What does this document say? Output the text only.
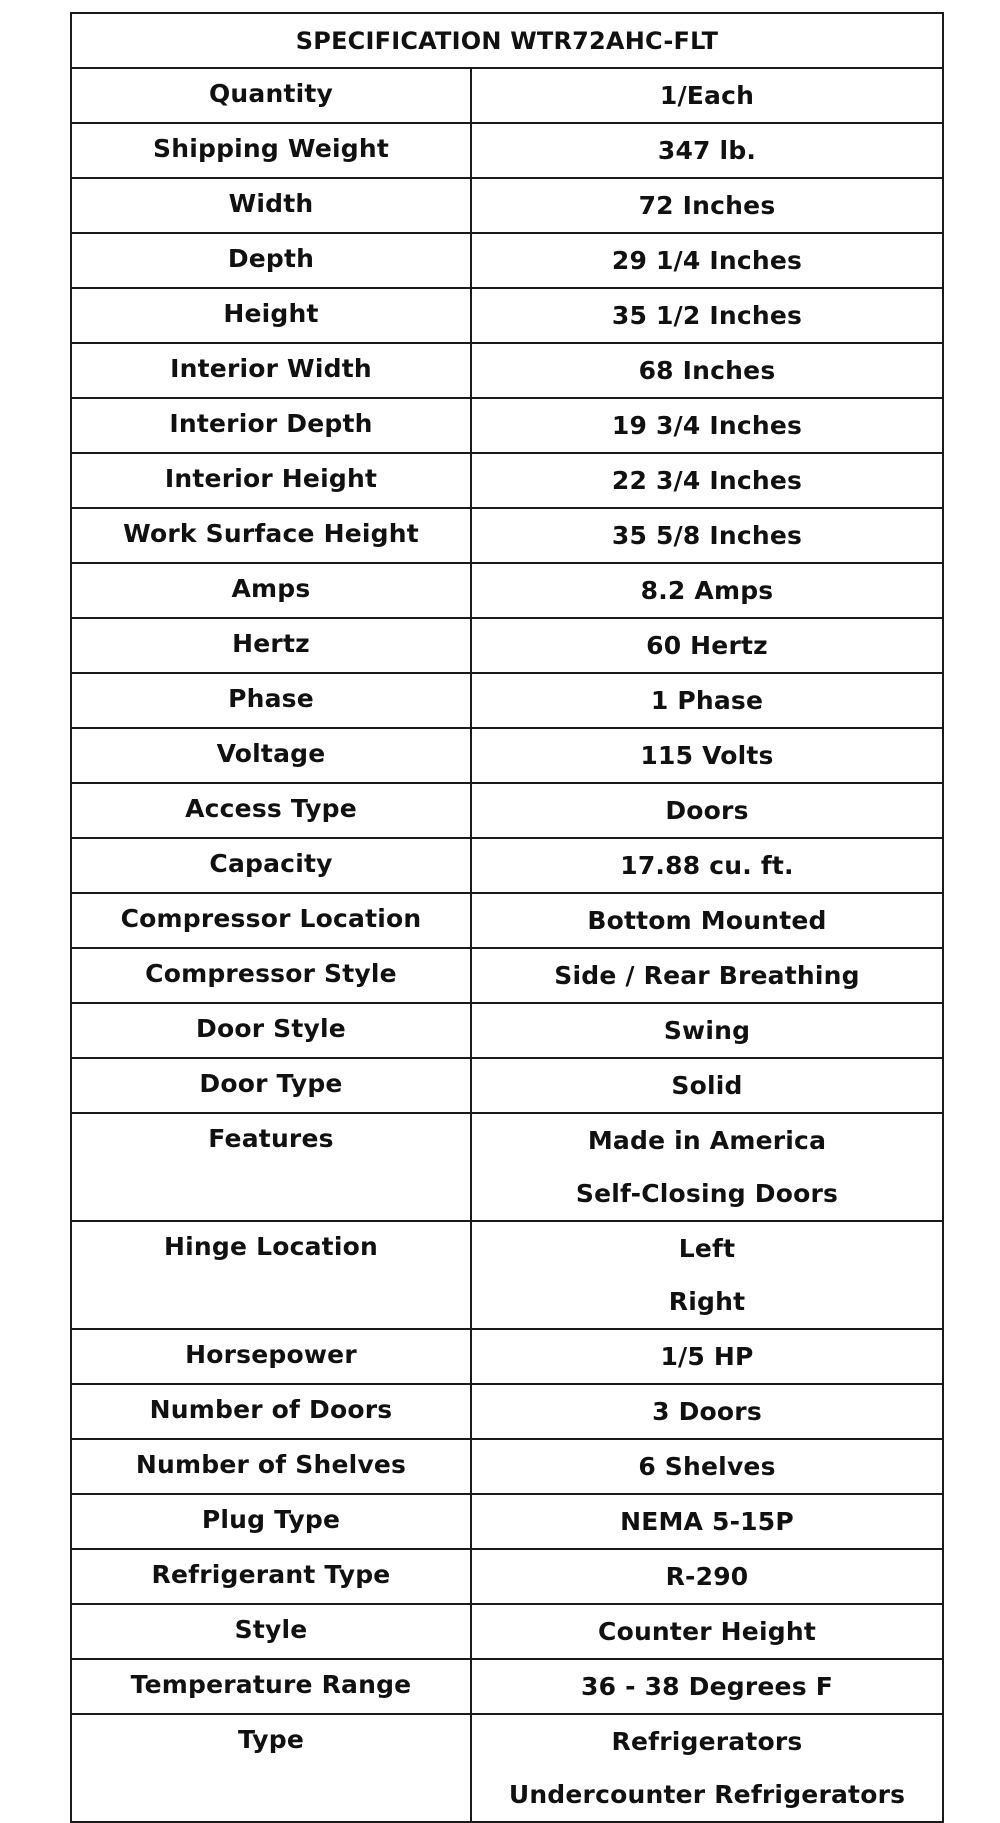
SPECIFICATION WTR72AHC-FLT	
Quantity	1/Each

Shipping Weight	347 lb.

Width	72 Inches

Depth	29 1/4 Inches

Height	35 1/2 Inches

Interior Width	68 Inches

Interior Depth	19 3/4 Inches

Interior Height	22 3/4 Inches

Work Surface Height	35 5/8 Inches

Amps	8.2 Amps

Hertz	60 Hertz

Phase	1 Phase

Voltage	115 Volts

Access Type	Doors

Capacity	17.88 cu. ft.

Compressor Location	Bottom Mounted

Compressor Style	Side / Rear Breathing

Door Style	Swing

Door Type	Solid

Features	Made in America
Self-Closing Doors

Hinge Location	Left
Right

Horsepower	1/5 HP

Number of Doors	3 Doors

Number of Shelves	6 Shelves

Plug Type	NEMA 5-15P

Refrigerant Type	R-290

Style	Counter Height

Temperature Range	36 - 38 Degrees F

Type	Refrigerators
Undercounter Refrigerators
